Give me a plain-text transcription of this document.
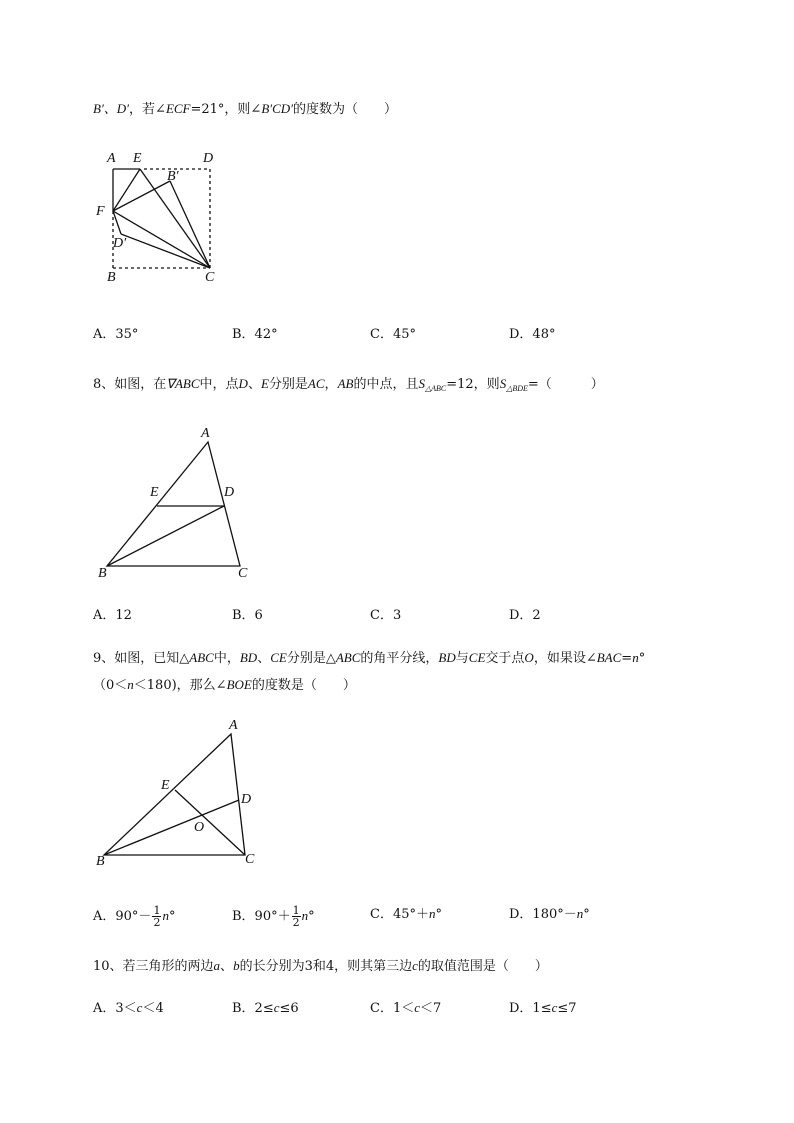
B′、D′，若∠ECF=21°，则∠B′CD′的度数为（　　）
A E	D
B′
F
D′
B	C
A．35°	B．42°	C．45°	D．48°
8、如图，在∇ABC中，点D、E分别是AC，AB的中点，且$S_{\triangle ABC}=12$，则$S_{\triangle BDE}=$（　　　）
A
E	D
B	C
A．12	B．6	C．3	D．2
9、如图，已知△ABC中，BD、CE分别是△ABC的角平分线，BD与CE交于点O，如果设∠BAC=n°
（0＜n＜180)，那么∠BOE的度数是（　　）
A
E
D
O
B	C
A．$90^\circ- \frac{1}{2} n^\circ$	B．$90^\circ+ \frac{1}{2} n^\circ$	C．45°＋n°	D．180°－n°
10、若三角形的两边a、b的长分别为3和4，则其第三边c的取值范围是（　　）
A．3＜c＜4	B．2≤c≤6	C．1＜c＜7	D．1≤c≤7
